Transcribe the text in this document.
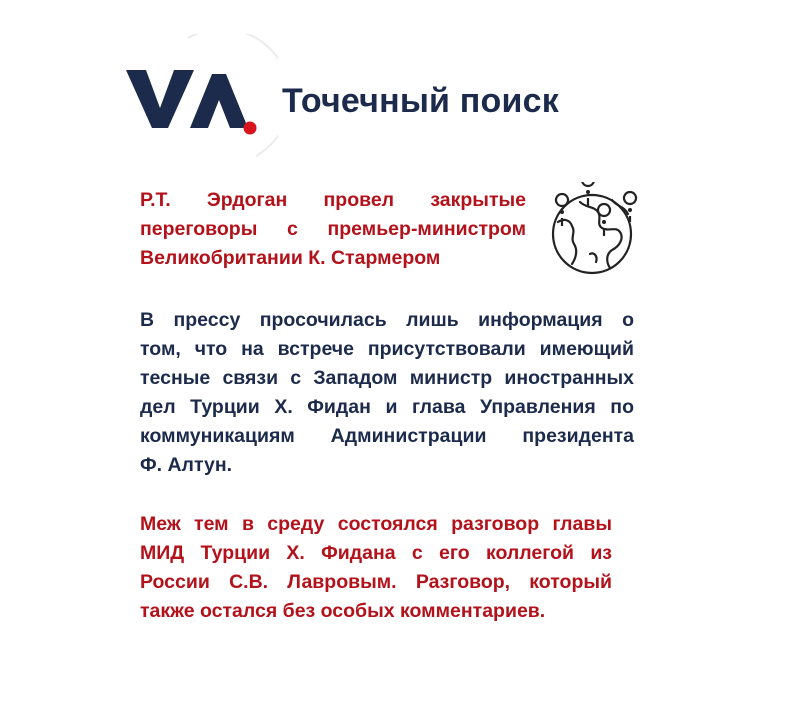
Точечный поиск
Р.Т. Эрдоган провел закрытые
переговоры с премьер-министром
Великобритании К. Стармером
В прессу просочилась лишь информация о
том, что на встрече присутствовали имеющий
тесные связи с Западом министр иностранных
дел Турции Х. Фидан и глава Управления по
коммуникациям Администрации президента
Ф. Алтун.
Меж тем в среду состоялся разговор главы
МИД Турции Х. Фидана с его коллегой из
России С.В. Лавровым. Разговор, который
также остался без особых комментариев.
